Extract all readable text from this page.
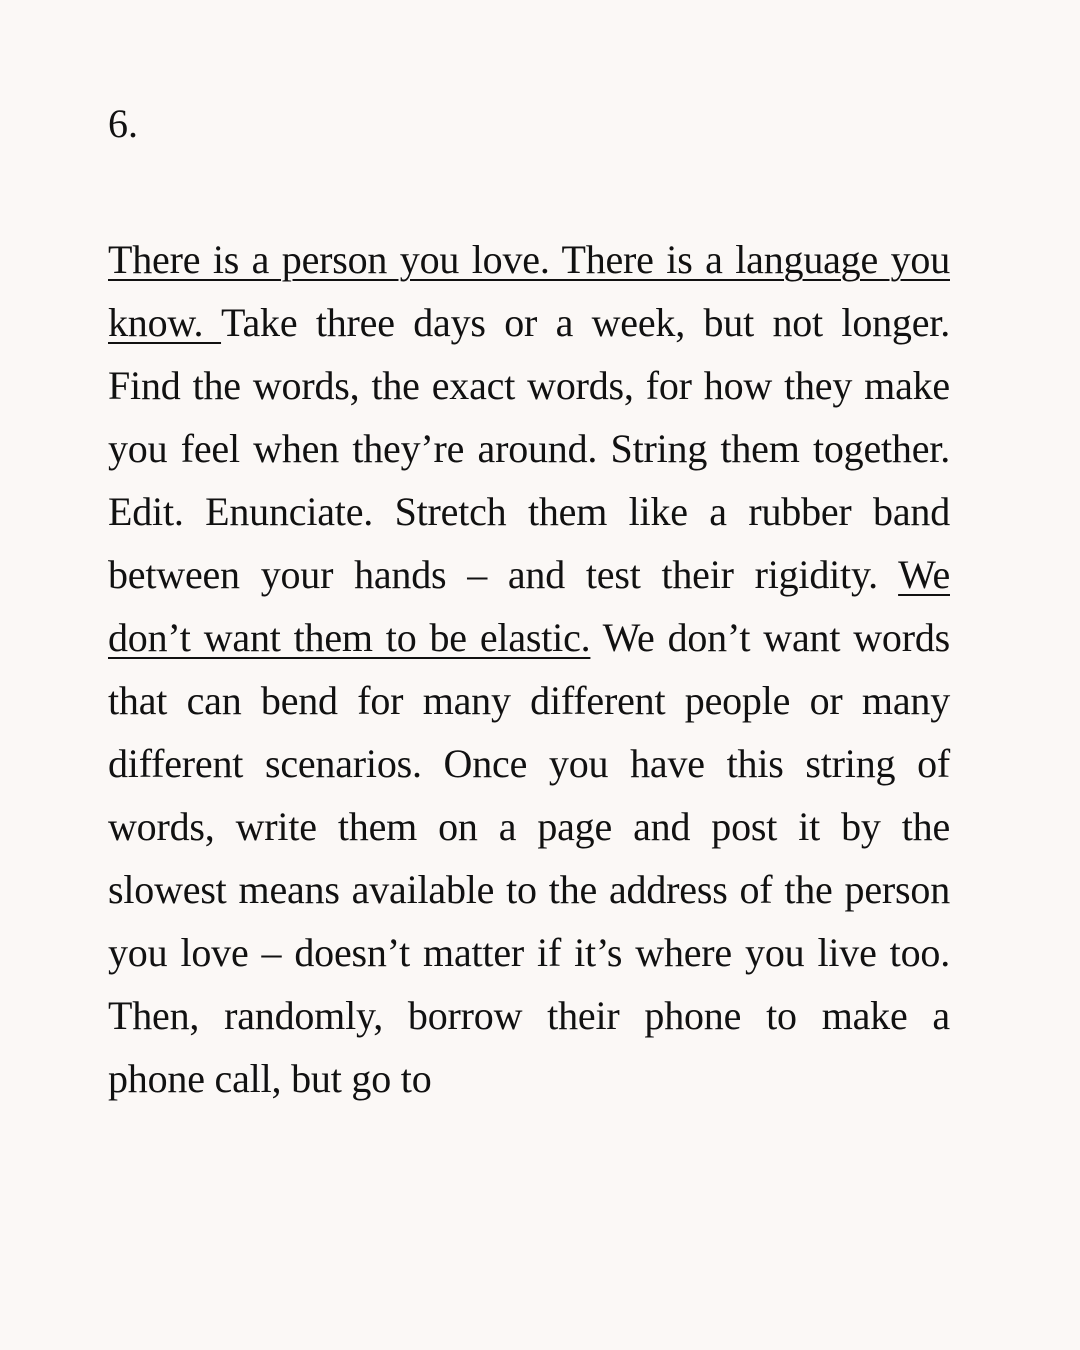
6.

There is a person you love. There is a language you know. Take three days or a week, but not longer. Find the words, the exact words, for how they make you feel when they’re around. String them together. Edit. Enunciate. Stretch them like a rubber band between your hands – and test their rigidity. We don’t want them to be elastic. We don’t want words that can bend for many different people or many different scenarios. Once you have this string of words, write them on a page and post it by the slowest means available to the address of the person you love – doesn’t matter if it’s where you live too. Then, randomly, borrow their phone to make a phone call, but go to
